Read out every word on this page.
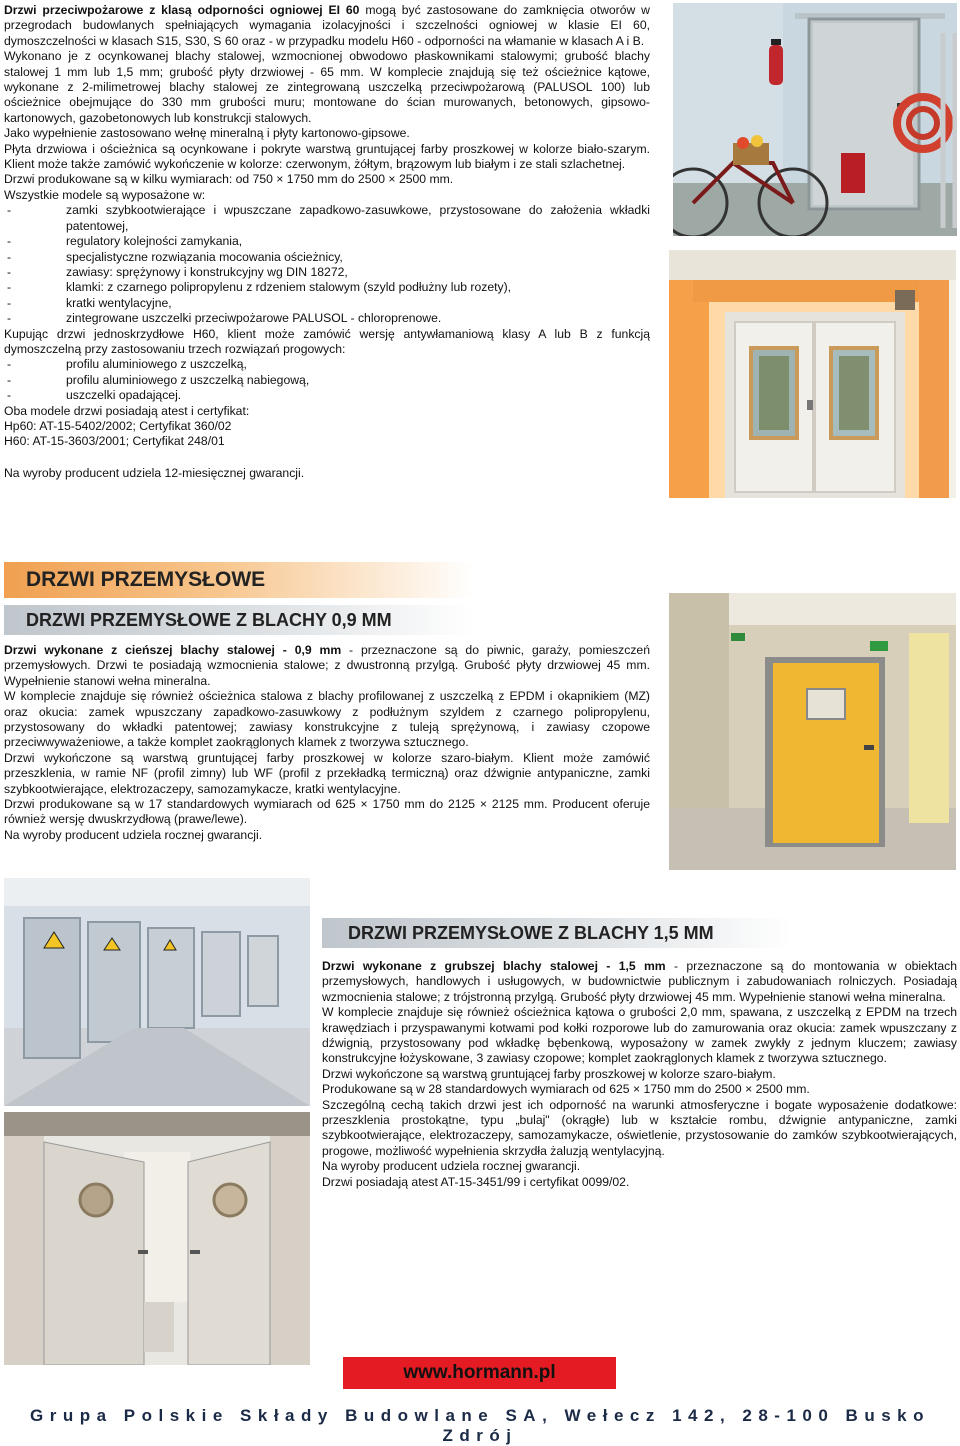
Drzwi przeciwpożarowe z klasą odporności ogniowej EI 60 mogą być zastosowane do zamknięcia otworów w przegrodach budowlanych spełniających wymagania izolacyjności i szczelności ogniowej w klasie EI 60, dymoszczelności w klasach S15, S30, S 60 oraz - w przypadku modelu H60 - odporności na włamanie w klasach A i B.

Wykonano je z ocynkowanej blachy stalowej, wzmocnionej obwodowo płaskownikami stalowymi; grubość blachy stalowej 1 mm lub 1,5 mm; grubość płyty drzwiowej - 65 mm. W komplecie znajdują się też ościeżnice kątowe, wykonane z 2-milimetrowej blachy stalowej ze zintegrowaną uszczelką przeciwpożarową (PALUSOL 100) lub ościeżnice obejmujące do 330 mm grubości muru; montowane do ścian murowanych, betonowych, gipsowo-kartonowych, gazobetonowych lub konstrukcji stalowych.

Jako wypełnienie zastosowano wełnę mineralną i płyty kartonowo-gipsowe.

Płyta drzwiowa i ościeżnica są ocynkowane i pokryte warstwą gruntującej farby proszkowej w kolorze biało-szarym. Klient może także zamówić wykończenie w kolorze: czerwonym, żółtym, brązowym lub białym i ze stali szlachetnej.

Drzwi produkowane są w kilku wymiarach: od 750 × 1750 mm do 2500 × 2500 mm.

Wszystkie modele są wyposażone w:

- zamki szybkootwierające i wpuszczane zapadkowo-zasuwkowe, przystosowane do założenia wkładki patentowej,
- regulatory kolejności zamykania,
- specjalistyczne rozwiązania mocowania ościeżnicy,
- zawiasy: sprężynowy i konstrukcyjny wg DIN 18272,
- klamki: z czarnego polipropylenu z rdzeniem stalowym (szyld podłużny lub rozety),
- kratki wentylacyjne,
- zintegrowane uszczelki przeciwpożarowe PALUSOL - chloroprenowe.

Kupując drzwi jednoskrzydłowe H60, klient może zamówić wersję antywłamaniową klasy A lub B z funkcją dymoszczelną przy zastosowaniu trzech rozwiązań progowych:

- profilu aluminiowego z uszczelką,
- profilu aluminiowego z uszczelką nabiegową,
- uszczelki opadającej.

Oba modele drzwi posiadają atest i certyfikat:

Hp60: AT-15-5402/2002; Certyfikat 360/02

H60: AT-15-3603/2001; Certyfikat 248/01

Na wyroby producent udziela 12-miesięcznej gwarancji.

DRZWI PRZEMYSŁOWE
DRZWI PRZEMYSŁOWE Z BLACHY 0,9 MM

Drzwi wykonane z cieńszej blachy stalowej - 0,9 mm - przeznaczone są do piwnic, garaży, pomieszczeń przemysłowych. Drzwi te posiadają wzmocnienia stalowe; z dwustronną przylgą. Grubość płyty drzwiowej 45 mm. Wypełnienie stanowi wełna mineralna.

W komplecie znajduje się również ościeżnica stalowa z blachy profilowanej z uszczelką z EPDM i okapnikiem (MZ) oraz okucia: zamek wpuszczany zapadkowo-zasuwkowy z podłużnym szyldem z czarnego polipropylenu, przystosowany do wkładki patentowej; zawiasy konstrukcyjne z tuleją sprężynową, i zawiasy czopowe przeciwwyważeniowe, a także komplet zaokrąglonych klamek z tworzywa sztucznego.

Drzwi wykończone są warstwą gruntującej farby proszkowej w kolorze szaro-białym. Klient może zamówić przeszklenia, w ramie NF (profil zimny) lub WF (profil z przekładką termiczną) oraz dźwignie antypaniczne, zamki szybkootwierające, elektrozaczepy, samozamykacze, kratki wentylacyjne.

Drzwi produkowane są w 17 standardowych wymiarach od 625 × 1750 mm do 2125 × 2125 mm. Producent oferuje również wersję dwuskrzydłową (prawe/lewe).

Na wyroby producent udziela rocznej gwarancji.

DRZWI PRZEMYSŁOWE Z BLACHY 1,5 MM

Drzwi wykonane z grubszej blachy stalowej - 1,5 mm - przeznaczone są do montowania w obiektach przemysłowych, handlowych i usługowych, w budownictwie publicznym i zabudowaniach rolniczych. Posiadają wzmocnienia stalowe; z trójstronną przylgą. Grubość płyty drzwiowej 45 mm. Wypełnienie stanowi wełna mineralna.

W komplecie znajduje się również ościeżnica kątowa o grubości 2,0 mm, spawana, z uszczelką z EPDM na trzech krawędziach i przyspawanymi kotwami pod kołki rozporowe lub do zamurowania oraz okucia: zamek wpuszczany z dźwignią, przystosowany pod wkładkę bębenkową, wyposażony w zamek zwykły z jednym kluczem; zawiasy konstrukcyjne łożyskowane, 3 zawiasy czopowe; komplet zaokrąglonych klamek z tworzywa sztucznego.

Drzwi wykończone są warstwą gruntującej farby proszkowej w kolorze szaro-białym.

Produkowane są w 28 standardowych wymiarach od 625 × 1750 mm do 2500 × 2500 mm.

Szczególną cechą takich drzwi jest ich odporność na warunki atmosferyczne i bogate wyposażenie dodatkowe: przeszklenia prostokątne, typu „bulaj" (okrągłe) lub w kształcie rombu, dźwignie antypaniczne, zamki szybkootwierające, elektrozaczepy, samozamykacze, oświetlenie, przystosowanie do zamków szybkootwierających, progowe, możliwość wypełnienia skrzydła żaluzją wentylacyjną.

Na wyroby producent udziela rocznej gwarancji.

Drzwi posiadają atest AT-15-3451/99 i certyfikat 0099/02.

www.hormann.pl
Grupa Polskie Składy Budowlane SA, Wełecz 142, 28-100 Busko Zdrój
